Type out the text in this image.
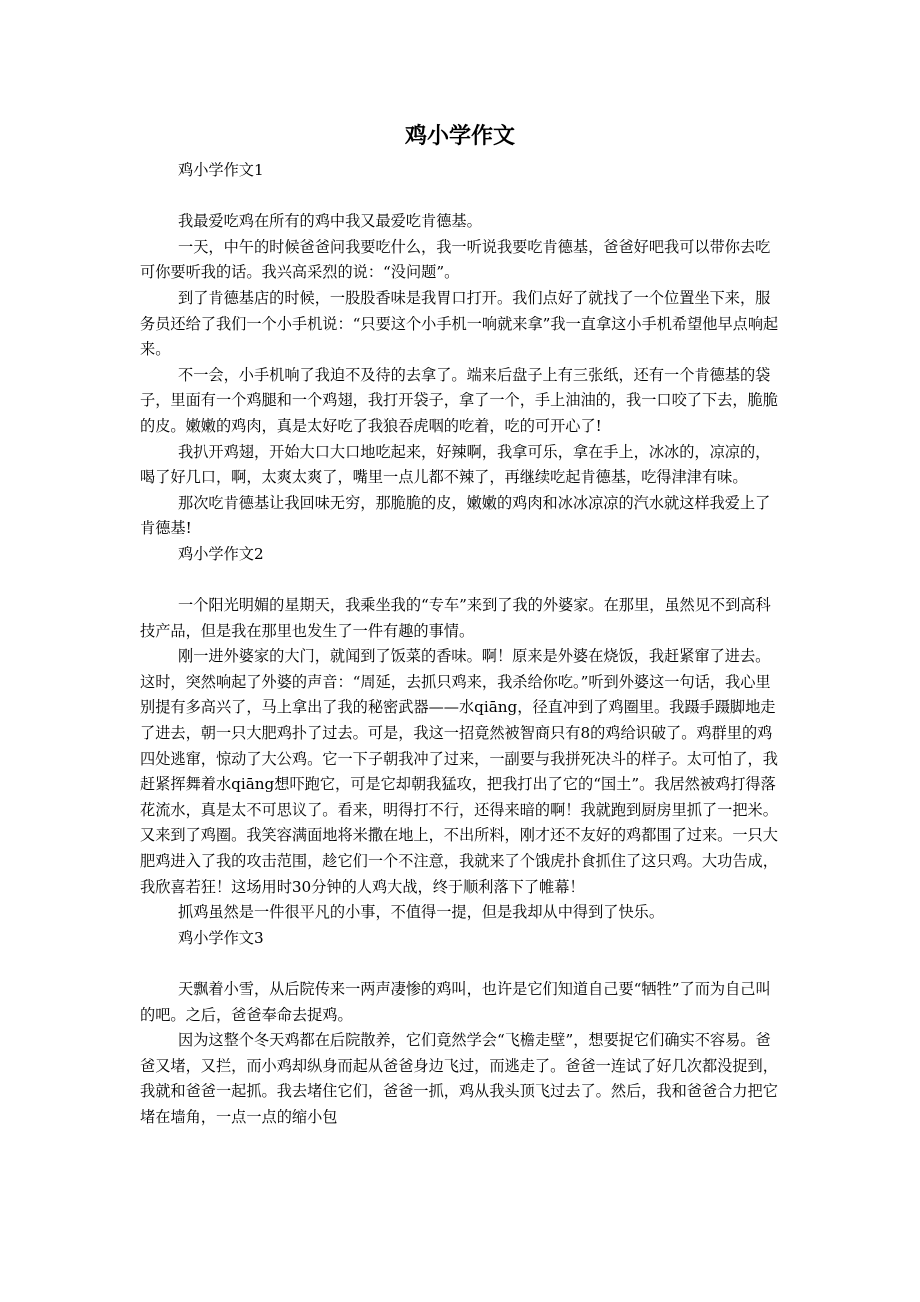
鸡小学作文

鸡小学作文1

我最爱吃鸡在所有的鸡中我又最爱吃肯德基。

一天，中午的时候爸爸问我要吃什么，我一听说我要吃肯德基，爸爸好吧我可以带你去吃可你要听我的话。我兴高采烈的说：“没问题”。

到了肯德基店的时候，一股股香味是我胃口打开。我们点好了就找了一个位置坐下来，服务员还给了我们一个小手机说：“只要这个小手机一响就来拿”我一直拿这小手机希望他早点响起来。

不一会，小手机响了我迫不及待的去拿了。端来后盘子上有三张纸，还有一个肯德基的袋子，里面有一个鸡腿和一个鸡翅，我打开袋子，拿了一个，手上油油的，我一口咬了下去，脆脆的皮。嫩嫩的鸡肉，真是太好吃了我狼吞虎咽的吃着，吃的可开心了!

我扒开鸡翅，开始大口大口地吃起来，好辣啊，我拿可乐，拿在手上，冰冰的，凉凉的，喝了好几口，啊，太爽太爽了，嘴里一点儿都不辣了，再继续吃起肯德基，吃得津津有味。

那次吃肯德基让我回味无穷，那脆脆的皮，嫩嫩的鸡肉和冰冰凉凉的汽水就这样我爱上了肯德基!

鸡小学作文2

一个阳光明媚的星期天，我乘坐我的“专车”来到了我的外婆家。在那里，虽然见不到高科技产品，但是我在那里也发生了一件有趣的事情。

刚一进外婆家的大门，就闻到了饭菜的香味。啊！原来是外婆在烧饭，我赶紧窜了进去。这时，突然响起了外婆的声音：“周延，去抓只鸡来，我杀给你吃。”听到外婆这一句话，我心里别提有多高兴了，马上拿出了我的秘密武器——水qiāng，径直冲到了鸡圈里。我蹑手蹑脚地走了进去，朝一只大肥鸡扑了过去。可是，我这一招竟然被智商只有8的鸡给识破了。鸡群里的鸡四处逃窜，惊动了大公鸡。它一下子朝我冲了过来，一副要与我拼死决斗的样子。太可怕了，我赶紧挥舞着水qiāng想吓跑它，可是它却朝我猛攻，把我打出了它的“国土”。我居然被鸡打得落花流水，真是太不可思议了。看来，明得打不行，还得来暗的啊！我就跑到厨房里抓了一把米。又来到了鸡圈。我笑容满面地将米撒在地上，不出所料，刚才还不友好的鸡都围了过来。一只大肥鸡进入了我的攻击范围，趁它们一个不注意，我就来了个饿虎扑食抓住了这只鸡。大功告成，我欣喜若狂！这场用时30分钟的人鸡大战，终于顺利落下了帷幕！

抓鸡虽然是一件很平凡的小事，不值得一提，但是我却从中得到了快乐。

鸡小学作文3

天飘着小雪，从后院传来一两声凄惨的鸡叫，也许是它们知道自己要“牺牲”了而为自己叫的吧。之后，爸爸奉命去捉鸡。

因为这整个冬天鸡都在后院散养，它们竟然学会“飞檐走壁”，想要捉它们确实不容易。爸爸又堵，又拦，而小鸡却纵身而起从爸爸身边飞过，而逃走了。爸爸一连试了好几次都没捉到，我就和爸爸一起抓。我去堵住它们，爸爸一抓，鸡从我头顶飞过去了。然后，我和爸爸合力把它堵在墙角，一点一点的缩小包
